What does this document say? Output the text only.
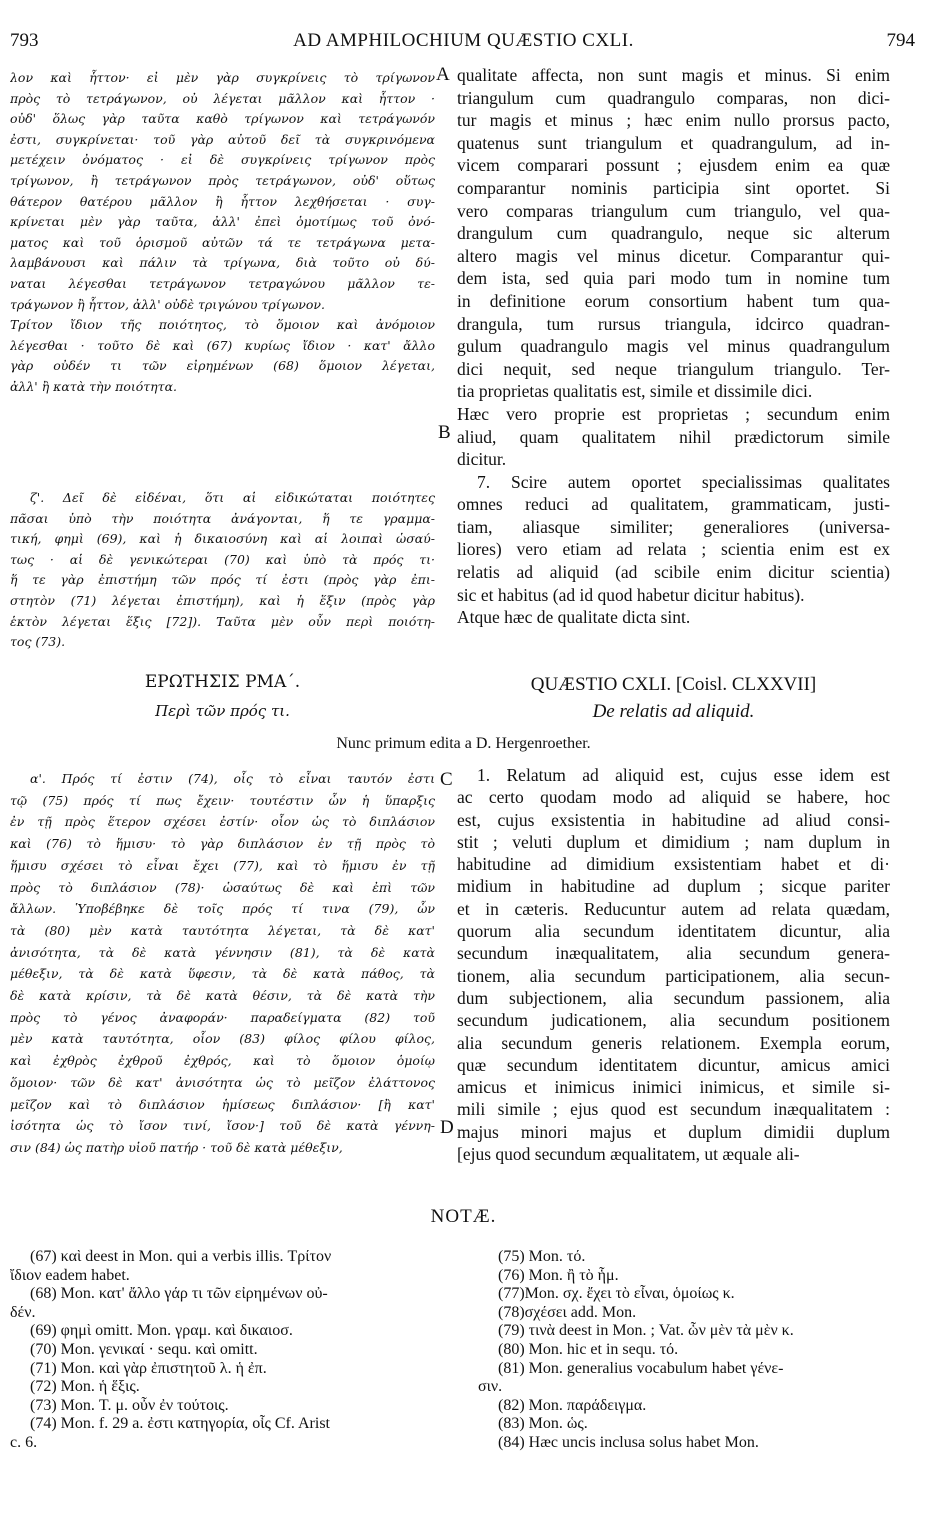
793	AD AMPHILOCHIUM QUÆSTIO CXLI.	794
λον καὶ ἧττον· εἰ μὲν γὰρ συγκρίνεις τὸ τρίγωνον
πρὸς τὸ τετράγωνον, οὐ λέγεται μᾶλλον καὶ ἧττον ·
οὐδ' ὅλως γὰρ ταῦτα καθὸ τρίγωνον καὶ τετράγωνόν
ἐστι, συγκρίνεται· τοῦ γὰρ αὐτοῦ δεῖ τὰ συγκρινόμενα
μετέχειν ὀνόματος · εἰ δὲ συγκρίνεις τρίγωνον πρὸς
τρίγωνον, ἢ τετράγωνον πρὸς τετράγωνον, οὐδ' οὕτως
θάτερον θατέρου μᾶλλον ἢ ἧττον λεχθήσεται · συγ-
κρίνεται μὲν γὰρ ταῦτα, ἀλλ' ἐπεὶ ὁμοτίμως τοῦ ὀνό-
ματος καὶ τοῦ ὁρισμοῦ αὐτῶν τά τε τετράγωνα μετα-
λαμβάνουσι καὶ πάλιν τὰ τρίγωνα, διὰ τοῦτο οὐ δύ-
ναται λέγεσθαι τετράγωνον τετραγώνου μᾶλλον τε-
τράγωνον ἢ ἧττον, ἀλλ' οὐδὲ τριγώνου τρίγωνον.
Τρίτον ἴδιον τῆς ποιότητος, τὸ ὅμοιον καὶ ἀνόμοιον
λέγεσθαι · τοῦτο δὲ καὶ (67) κυρίως ἴδιον · κατ' ἄλλο
γὰρ οὐδέν τι τῶν εἰρημένων (68) ὅμοιον λέγεται,
ἀλλ' ἢ κατὰ τὴν ποιότητα.
qualitate affecta, non sunt magis et minus. Si enim
triangulum cum quadrangulo comparas, non dici-
tur magis et minus ; hæc enim nullo prorsus pacto,
quatenus sunt triangulum et quadrangulum, ad in-
vicem comparari possunt ; ejusdem enim ea quæ
comparantur nominis participia sint oportet. Si
vero comparas triangulum cum triangulo, vel qua-
drangulum cum quadrangulo, neque sic alterum
altero magis vel minus dicetur. Comparantur qui-
dem ista, sed quia pari modo tum in nomine tum
in definitione eorum consortium habent tum qua-
drangula, tum rursus triangula, idcirco quadran-
gulum quadrangulo magis vel minus quadrangulum
dici nequit, sed neque triangulum triangulo. Ter-
tia proprietas qualitatis est, simile et dissimile dici.
Hæc vero proprie est proprietas ; secundum enim
aliud, quam qualitatem nihil prædictorum simile
dicitur.
7. Scire autem oportet specialissimas qualitates
omnes reduci ad qualitatem, grammaticam, justi-
tiam, aliasque similiter; generaliores (universa-
liores) vero etiam ad relata ; scientia enim est ex
relatis ad aliquid (ad scibile enim dicitur scientia)
sic et habitus (ad id quod habetur dicitur habitus).
Atque hæc de qualitate dicta sint.
ζ'. Δεῖ δὲ εἰδέναι, ὅτι αἱ εἰδικώταται ποιότητες
πᾶσαι ὑπὸ τὴν ποιότητα ἀνάγονται, ἥ τε γραμμα-
τική, φημὶ (69), καὶ ἡ δικαιοσύνη καὶ αἱ λοιπαὶ ὡσαύ-
τως · αἱ δὲ γενικώτεραι (70) καὶ ὑπὸ τὰ πρός τι·
ἥ τε γὰρ ἐπιστήμη τῶν πρός τί ἐστι (πρὸς γὰρ ἐπι-
στητὸν (71) λέγεται ἐπιστήμη), καὶ ἡ ἕξιν (πρὸς γὰρ
ἑκτὸν λέγεται ἕξις [72]). Ταῦτα μὲν οὖν περὶ ποιότη-
τος (73).
A
B
C
D
ΕΡΩΤΗΣΙΣ ΡΜΑ΄.
Περὶ τῶν πρός τι.
QUÆSTIO CXLI. [Coisl. CLXXVII]
De relatis ad aliquid.
Nunc primum edita a D. Hergenroether.
α'. Πρός τί ἐστιν (74), οἷς τὸ εἶναι ταυτόν ἐστι
τῷ (75) πρός τί πως ἔχειν· τουτέστιν ὧν ἡ ὕπαρξις
ἐν τῇ πρὸς ἕτερον σχέσει ἐστίν· οἷον ὡς τὸ διπλάσιον
καὶ (76) τὸ ἥμισυ· τὸ γὰρ διπλάσιον ἐν τῇ πρὸς τὸ
ἥμισυ σχέσει τὸ εἶναι ἔχει (77), καὶ τὸ ἥμισυ ἐν τῇ
πρὸς τὸ διπλάσιον (78)· ὡσαύτως δὲ καὶ ἐπὶ τῶν
ἄλλων. Ὑποβέβηκε δὲ τοῖς πρός τί τινα (79), ὧν
τὰ (80) μὲν κατὰ ταυτότητα λέγεται, τὰ δὲ κατ'
ἀνισότητα, τὰ δὲ κατὰ γέννησιν (81), τὰ δὲ κατὰ
μέθεξιν, τὰ δὲ κατὰ ὕφεσιν, τὰ δὲ κατὰ πάθος, τὰ
δὲ κατὰ κρίσιν, τὰ δὲ κατὰ θέσιν, τὰ δὲ κατὰ τὴν
πρὸς τὸ γένος ἀναφοράν· παραδείγματα (82) τοῦ
μὲν κατὰ ταυτότητα, οἷον (83) φίλος φίλου φίλος,
καὶ ἐχθρὸς ἐχθροῦ ἐχθρός, καὶ τὸ ὅμοιον ὁμοίῳ
ὅμοιον· τῶν δὲ κατ' ἀνισότητα ὡς τὸ μεῖζον ἐλάττονος
μεῖζον καὶ τὸ διπλάσιον ἡμίσεως διπλάσιον· [ἢ κατ'
ἰσότητα ὡς τὸ ἴσον τινί, ἴσον·] τοῦ δὲ κατὰ γέννη-
σιν (84) ὡς πατὴρ υἱοῦ πατήρ · τοῦ δὲ κατὰ μέθεξιν,
1. Relatum ad aliquid est, cujus esse idem est
ac certo quodam modo ad aliquid se habere, hoc
est, cujus exsistentia in habitudine ad aliud consi-
stit ; veluti duplum et dimidium ; nam duplum in
habitudine ad dimidium exsistentiam habet et di·
midium in habitudine ad duplum ; sicque pariter
et in cæteris. Reducuntur autem ad relata quædam,
quorum alia secundum identitatem dicuntur, alia
secundum inæqualitatem, alia secundum genera-
tionem, alia secundum participationem, alia secun-
dum subjectionem, alia secundum passionem, alia
secundum judicationem, alia secundum positionem
alia secundum generis relationem. Exempla eorum,
quæ secundum identitatem dicuntur, amicus amici
amicus et inimicus inimici inimicus, et simile si-
mili simile ; ejus quod est secundum inæqualitatem :
majus minori majus et duplum dimidii duplum
[ejus quod secundum æqualitatem, ut æquale ali-
NOTÆ.
(67) καὶ deest in Mon. qui a verbis illis. Τρίτον
ἴδιον eadem habet.
(68) Mon. κατ' ἄλλο γάρ τι τῶν εἰρημένων οὐ-
δέν.
(69) φημὶ omitt. Mon. γραμ. καὶ δικαιοσ.
(70) Mon. γενικαί · sequ. καὶ omitt.
(71) Mon. καὶ γὰρ ἐπιστητοῦ λ. ἡ ἐπ.
(72) Mon. ἡ ἕξις.
(73) Mon. Τ. μ. οὖν ἐν τούτοις.
(74) Mon. f. 29 a. ἐστι κατηγορία, οἷς Cf. Arist
c. 6.
(75) Mon. τό.
(76) Mon. ἢ τὸ ἧμ.
(77)Mon. σχ. ἔχει τὸ εἶναι, ὁμοίως κ.
(78)σχέσει add. Mon.
(79) τινὰ deest in Mon. ; Vat. ὧν μὲν τὰ μὲν κ.
(80) Mon. hic et in sequ. τό.
(81) Mon. generalius vocabulum habet γένε-
σιν.
(82) Mon. παράδειγμα.
(83) Mon. ὡς.
(84) Hæc uncis inclusa solus habet Mon.
